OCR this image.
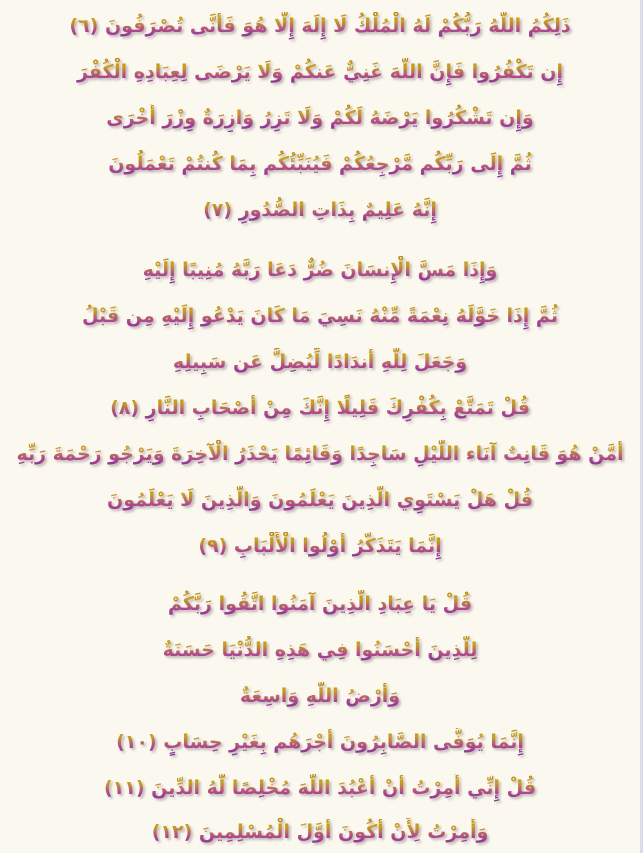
ذَلِكُمُ اللَّهُ رَبُّكُمْ لَهُ الْمُلْكُ لَا إِلَهَ إِلَّا هُوَ فَأَنَّى تُصْرَفُونَ (٦)
إِن تَكْفُرُوا فَإِنَّ اللَّهَ غَنِيٌّ عَنكُمْ وَلَا يَرْضَى لِعِبَادِهِ الْكُفْرَ
وَإِن تَشْكُرُوا يَرْضَهُ لَكُمْ وَلَا تَزِرُ وَازِرَةٌ وِزْرَ أُخْرَى
ثُمَّ إِلَى رَبِّكُم مَّرْجِعُكُمْ فَيُنَبِّئُكُم بِمَا كُنتُمْ تَعْمَلُونَ
إِنَّهُ عَلِيمٌ بِذَاتِ الصُّدُورِ (٧)
وَإِذَا مَسَّ الْإِنسَانَ ضُرٌّ دَعَا رَبَّهُ مُنِيبًا إِلَيْهِ
ثُمَّ إِذَا خَوَّلَهُ نِعْمَةً مِّنْهُ نَسِيَ مَا كَانَ يَدْعُو إِلَيْهِ مِن قَبْلُ
وَجَعَلَ لِلَّهِ أَندَادًا لِّيُضِلَّ عَن سَبِيلِهِ
قُلْ تَمَتَّعْ بِكُفْرِكَ قَلِيلًا إِنَّكَ مِنْ أَصْحَابِ النَّارِ (٨)
أَمَّنْ هُوَ قَانِتٌ آنَاء اللَّيْلِ سَاجِدًا وَقَائِمًا يَحْذَرُ الْآخِرَةَ وَيَرْجُو رَحْمَةَ رَبِّهِ
قُلْ هَلْ يَسْتَوِي الَّذِينَ يَعْلَمُونَ وَالَّذِينَ لَا يَعْلَمُونَ
إِنَّمَا يَتَذَكَّرُ أُوْلُوا الْأَلْبَابِ (٩)
قُلْ يَا عِبَادِ الَّذِينَ آمَنُوا اتَّقُوا رَبَّكُمْ
لِلَّذِينَ أَحْسَنُوا فِي هَذِهِ الدُّنْيَا حَسَنَةٌ
وَأَرْضُ اللَّهِ وَاسِعَةٌ
إِنَّمَا يُوَفَّى الصَّابِرُونَ أَجْرَهُم بِغَيْرِ حِسَابٍ (١٠)
قُلْ إِنِّي أُمِرْتُ أَنْ أَعْبُدَ اللَّهَ مُخْلِصًا لَّهُ الدِّينَ (١١)
وَأُمِرْتُ لِأَنْ أَكُونَ أَوَّلَ الْمُسْلِمِينَ (١٢)
